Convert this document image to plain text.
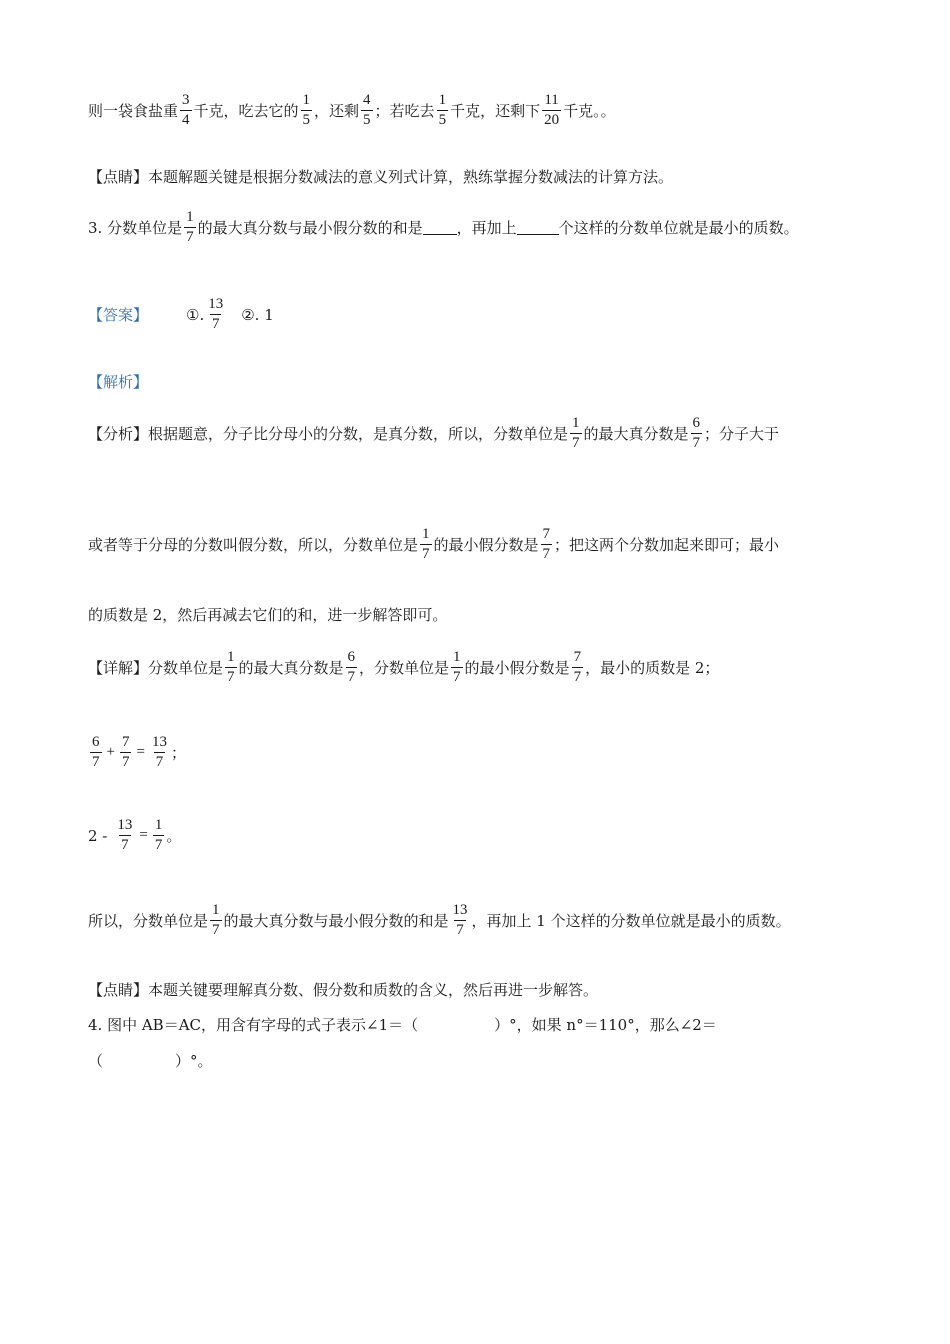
则一袋食盐重 $\frac{3}{4}$ 千克，吃去它的 $\frac{1}{5}$ ，还剩 $\frac{4}{5}$ ；若吃去 $\frac{1}{5}$ 千克，还剩下 $\frac{11}{20}$ 千克。。
【点睛】本题解题关键是根据分数减法的意义列式计算，熟练掌握分数减法的计算方法。
3. 分数单位是 $\frac{1}{7}$ 的最大真分数与最小假分数的和是 ，再加上	个这样的分数单位就是最小的质数。
【答案】	①. $\frac{13}{7}$ ②. 1
【解析】
【分析】根据题意，分子比分母小的分数，是真分数，所以，分数单位是 $\frac{1}{7}$ 的最大真分数是 $\frac{6}{7}$ ；分子大于
或者等于分母的分数叫假分数，所以，分数单位是 $\frac{1}{7}$ 的最小假分数是 $\frac{7}{7}$ ；把这两个分数加起来即可；最小
的质数是 2，然后再减去它们的和，进一步解答即可。
【详解】分数单位是 $\frac{1}{7}$ 的最大真分数是 $\frac{6}{7}$ ，分数单位是 $\frac{1}{7}$ 的最小假分数是 $\frac{7}{7}$ ，最小的质数是 2；
$\frac{6}{7} + \frac{7}{7} = \frac{13}{7}$ ；
$2 - \frac{13}{7} = \frac{1}{7}$ 。
所以，分数单位是 $\frac{1}{7}$ 的最大真分数与最小假分数的和是 $\frac{13}{7}$ ，再加上 1 个这样的分数单位就是最小的质数。
【点睛】本题关键要理解真分数、假分数和质数的含义，然后再进一步解答。
4. 图中 AB＝AC，用含有字母的式子表示∠1＝（	）°，如果 n°＝110°，那么∠2＝
（	）°。
